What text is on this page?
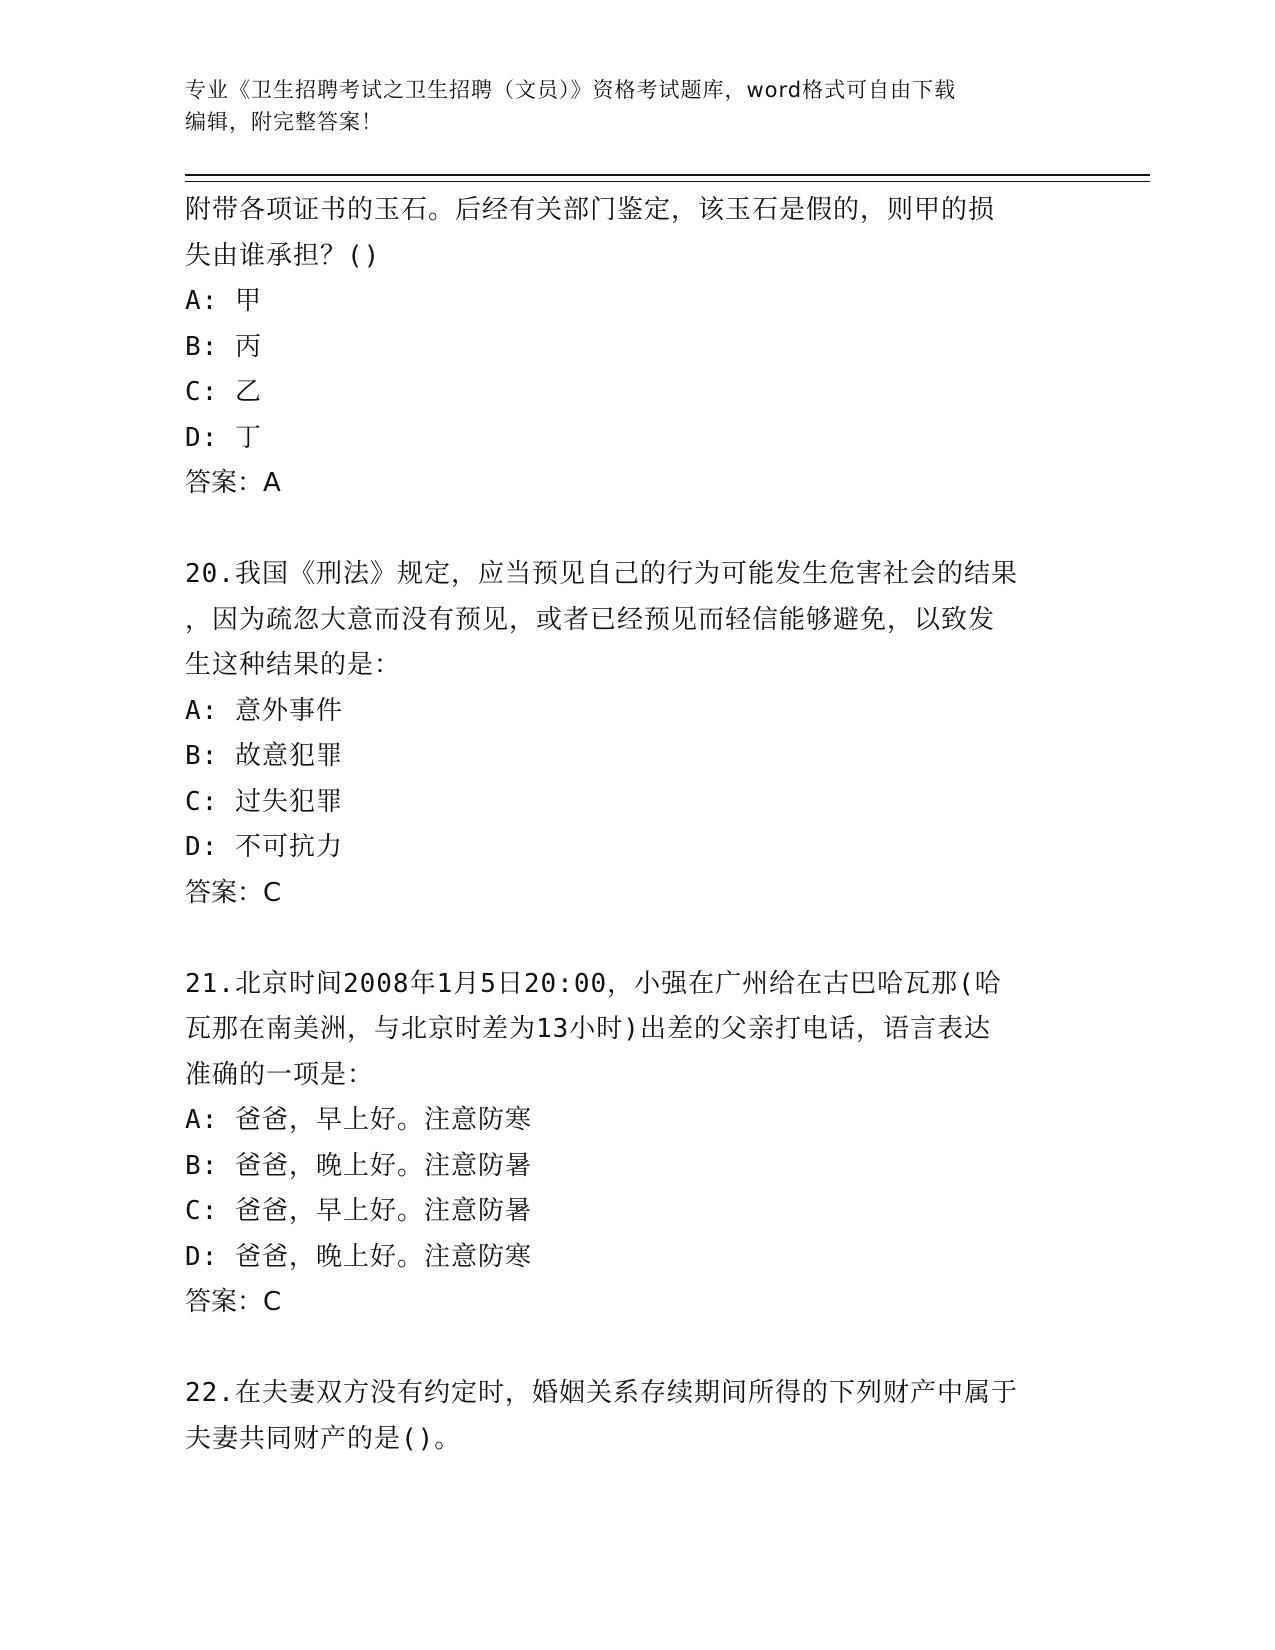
专业《卫生招聘考试之卫生招聘（文员）》资格考试题库，word格式可自由下载
编辑，附完整答案！
附带各项证书的玉石。后经有关部门鉴定，该玉石是假的，则甲的损
失由谁承担？()
A: 甲
B: 丙
C: 乙
D: 丁
答案：A
20.我国《刑法》规定，应当预见自己的行为可能发生危害社会的结果
，因为疏忽大意而没有预见，或者已经预见而轻信能够避免，以致发
生这种结果的是：
A: 意外事件
B: 故意犯罪
C: 过失犯罪
D: 不可抗力
答案：C
21.北京时间2008年1月5日20:00，小强在广州给在古巴哈瓦那(哈
瓦那在南美洲，与北京时差为13小时)出差的父亲打电话，语言表达
准确的一项是：
A: 爸爸，早上好。注意防寒
B: 爸爸，晚上好。注意防暑
C: 爸爸，早上好。注意防暑
D: 爸爸，晚上好。注意防寒
答案：C
22.在夫妻双方没有约定时，婚姻关系存续期间所得的下列财产中属于
夫妻共同财产的是()。
